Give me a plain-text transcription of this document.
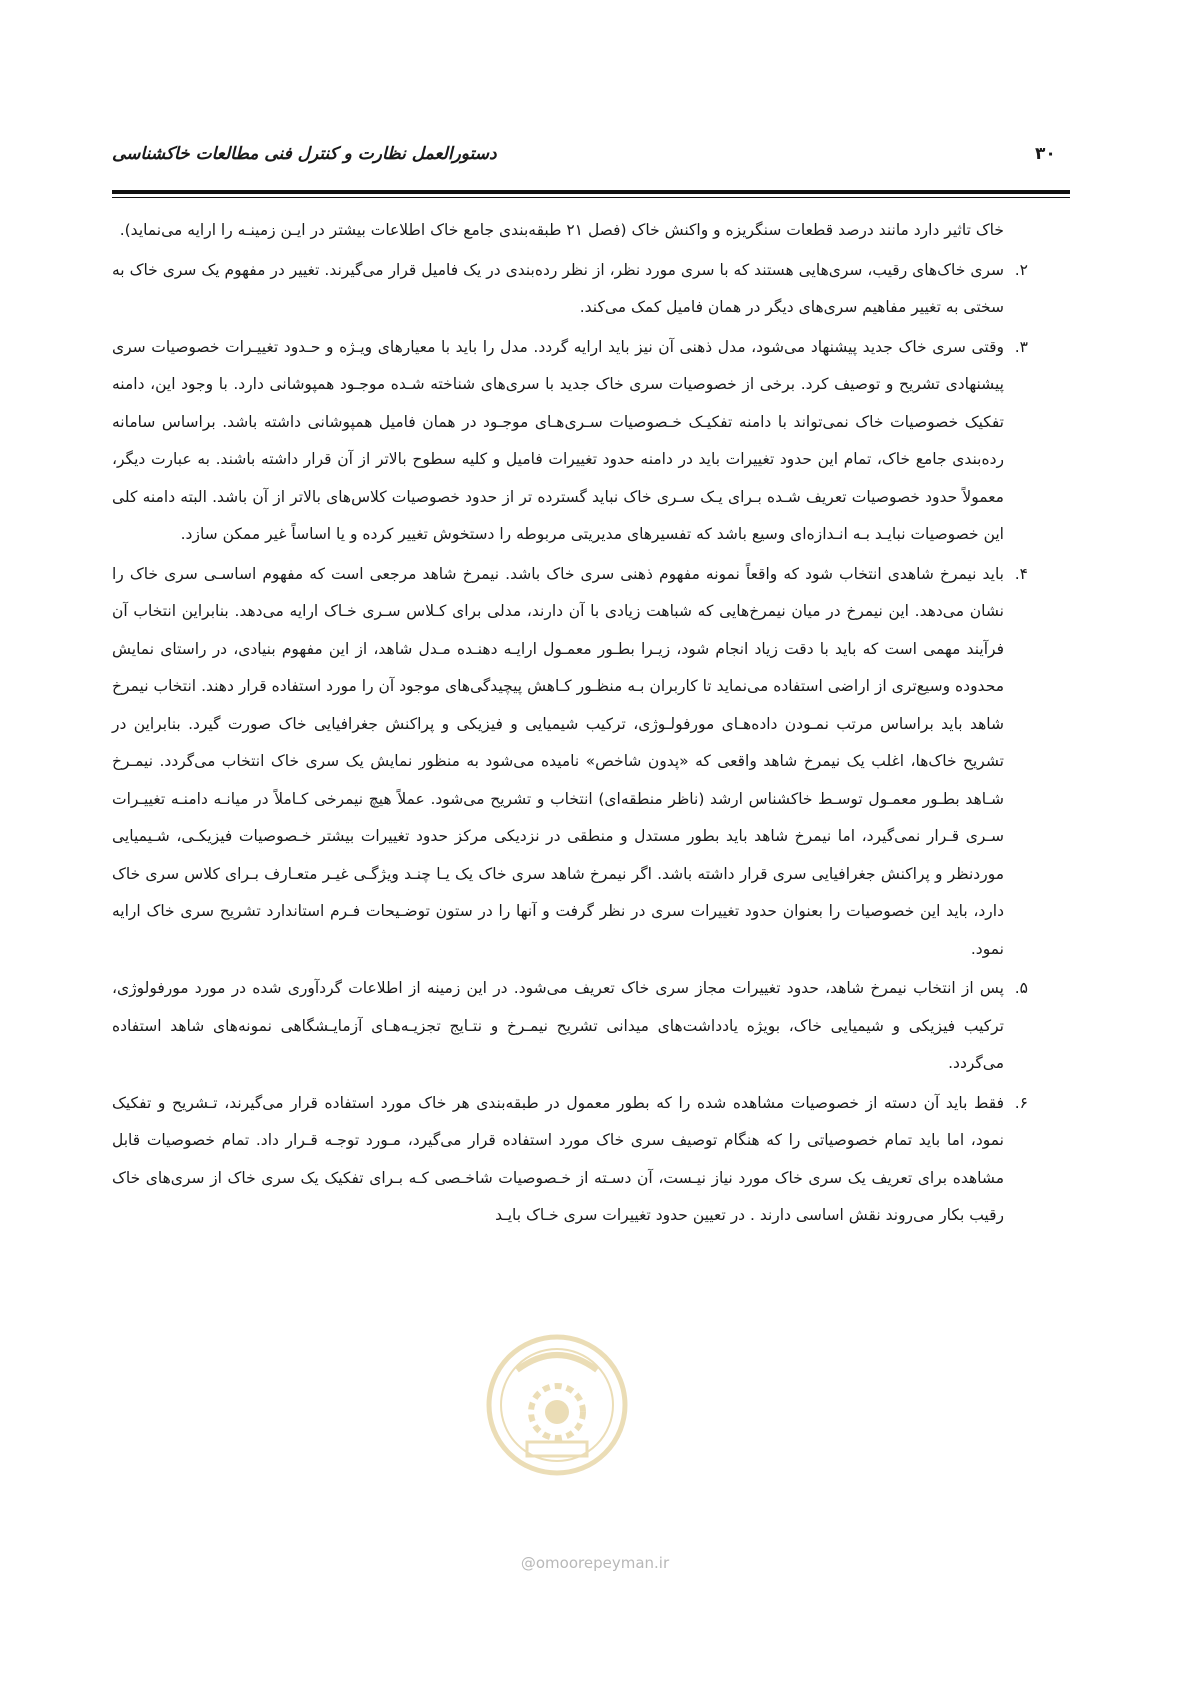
۳۰
دستورالعمل نظارت و کنترل فنی مطالعات خاکشناسی

خاک تاثیر دارد مانند درصد قطعات سنگریزه و واکنش خاک (فصل ۲۱ طبقه‌بندی جامع خاک اطلاعات بیشتر در ایـن زمینـه را ارایه می‌نماید).

۲.

سری خاک‌های رقیب، سری‌هایی هستند که با سری مورد نظر، از نظر رده‌بندی در یک فامیل قرار می‌گیرند. تغییر در مفهوم یک سری خاک به سختی به تغییر مفاهیم سری‌های دیگر در همان فامیل کمک می‌کند.

۳.

وقتی سری خاک جدید پیشنهاد می‌شود، مدل ذهنی آن نیز باید ارایه گردد. مدل را باید با معیارهای ویـژه و حـدود تغییـرات خصوصیات سری پیشنهادی تشریح و توصیف کرد. برخی از خصوصیات سری خاک جدید با سری‌های شناخته شـده موجـود همپوشانی دارد. با وجود این، دامنه تفکیک خصوصیات خاک نمی‌تواند با دامنه تفکیـک خـصوصیات سـری‌هـای موجـود در همان فامیل همپوشانی داشته باشد. براساس سامانه رده‌بندی جامع خاک، تمام این حدود تغییرات باید در دامنه حدود تغییرات فامیل و کلیه سطوح بالاتر از آن قرار داشته باشند. به عبارت دیگر، معمولاً حدود خصوصیات تعریف شـده بـرای یـک سـری خاک نباید گسترده تر از حدود خصوصیات کلاس‌های بالاتر از آن باشد. البته دامنه کلی این خصوصیات نبایـد بـه انـدازه‌ای وسیع باشد که تفسیرهای مدیریتی مربوطه را دستخوش تغییر کرده و یا اساساً غیر ممکن سازد.

۴.

باید نیمرخ شاهدی انتخاب شود که واقعاً نمونه مفهوم ذهنی سری خاک باشد. نیمرخ شاهد مرجعی است که مفهوم اساسـی سری خاک را نشان می‌دهد. این نیمرخ در میان نیمرخ‌هایی که شباهت زیادی با آن دارند، مدلی برای کـلاس سـری خـاک ارایه می‌دهد. بنابراین انتخاب آن فرآیند مهمی است که باید با دقت زیاد انجام شود، زیـرا بطـور معمـول ارایـه دهنـده مـدل شاهد، از این مفهوم بنیادی، در راستای نمایش محدوده وسیع‌تری از اراضی استفاده می‌نماید تا کاربران بـه منظـور کـاهش پیچیدگی‌های موجود آن را مورد استفاده قرار دهند. انتخاب نیمرخ شاهد باید براساس مرتب نمـودن داده‌هـای مورفولـوژی، ترکیب شیمیایی و فیزیکی و پراکنش جغرافیایی خاک صورت گیرد. بنابراین در تشریح خاک‌ها، اغلب یک نیمرخ شاهد واقعی که «پدون شاخص» نامیده می‌شود به منظور نمایش یک سری خاک انتخاب می‌گردد. نیمـرخ شـاهد بطـور معمـول توسـط خاکشناس ارشد (ناظر منطقه‌ای) انتخاب و تشریح می‌شود. عملاً هیچ نیمرخی کـاملاً در میانـه دامنـه تغییـرات سـری قـرار نمی‌گیرد، اما نیمرخ شاهد باید بطور مستدل و منطقی در نزدیکی مرکز حدود تغییرات بیشتر خـصوصیات فیزیکـی، شـیمیایی موردنظر و پراکنش جغرافیایی سری قرار داشته باشد. اگر نیمرخ شاهد سری خاک یک یـا چنـد ویژگـی غیـر متعـارف بـرای کلاس سری خاک دارد، باید این خصوصیات را بعنوان حدود تغییرات سری در نظر گرفت و آنها را در ستون توضـیحات فـرم استاندارد تشریح سری خاک ارایه نمود.

۵.

پس از انتخاب نیمرخ شاهد، حدود تغییرات مجاز سری خاک تعریف می‌شود. در این زمینه از اطلاعات گردآوری شده در مورد مورفولوژی، ترکیب فیزیکی و شیمیایی خاک، بویژه یادداشت‌های میدانی تشریح نیمـرخ و نتـایج تجزیـه‌هـای آزمایـشگاهی نمونه‌های شاهد استفاده می‌گردد.

۶.

فقط باید آن دسته از خصوصیات مشاهده شده را که بطور معمول در طبقه‌بندی هر خاک مورد استفاده قرار می‌گیرند، تـشریح و تفکیک نمود، اما باید تمام خصوصیاتی را که هنگام توصیف سری خاک مورد استفاده قرار می‌گیرد، مـورد توجـه قـرار داد. تمام خصوصیات قابل مشاهده برای تعریف یک سری خاک مورد نیاز نیـست، آن دسـته از خـصوصیات شاخـصی کـه بـرای تفکیک یک سری خاک از سری‌های خاک رقیب بکار می‌روند نقش اساسی دارند . در تعیین حدود تغییرات سری خـاک بایـد

@omoorepeyman.ir
